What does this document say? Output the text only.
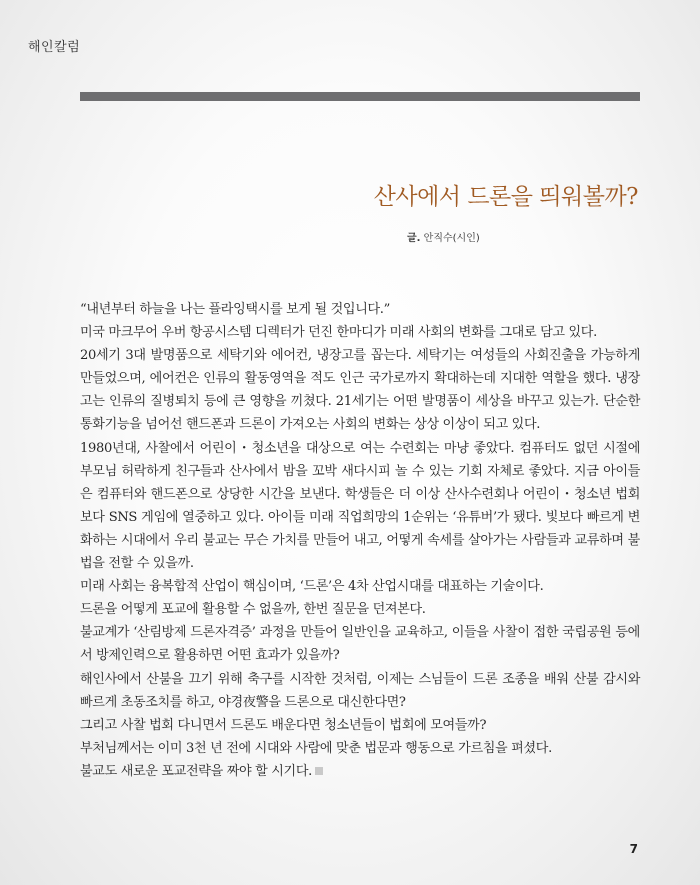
해인칼럼
산사에서 드론을 띄워볼까?
글. 안직수(시인)

“내년부터 하늘을 나는 플라잉택시를 보게 될 것입니다.”

미국 마크무어 우버 항공시스템 디렉터가 던진 한마디가 미래 사회의 변화를 그대로 담고 있다.

20세기 3대 발명품으로 세탁기와 에어컨, 냉장고를 꼽는다. 세탁기는 여성들의 사회진출을 가능하게 만들었으며, 에어컨은 인류의 활동영역을 적도 인근 국가로까지 확대하는데 지대한 역할을 했다. 냉장고는 인류의 질병퇴치 등에 큰 영향을 끼쳤다. 21세기는 어떤 발명품이 세상을 바꾸고 있는가. 단순한 통화기능을 넘어선 핸드폰과 드론이 가져오는 사회의 변화는 상상 이상이 되고 있다.

1980년대, 사찰에서 어린이・청소년을 대상으로 여는 수련회는 마냥 좋았다. 컴퓨터도 없던 시절에 부모님 허락하게 친구들과 산사에서 밤을 꼬박 새다시피 놀 수 있는 기회 자체로 좋았다. 지금 아이들은 컴퓨터와 핸드폰으로 상당한 시간을 보낸다. 학생들은 더 이상 산사수련회나 어린이・청소년 법회보다 SNS 게임에 열중하고 있다. 아이들 미래 직업희망의 1순위는 ‘유튜버’가 됐다. 빛보다 빠르게 변화하는 시대에서 우리 불교는 무슨 가치를 만들어 내고, 어떻게 속세를 살아가는 사람들과 교류하며 불법을 전할 수 있을까.

미래 사회는 융복합적 산업이 핵심이며, ‘드론’은 4차 산업시대를 대표하는 기술이다.

드론을 어떻게 포교에 활용할 수 없을까, 한번 질문을 던져본다.

불교계가 ‘산림방제 드론자격증’ 과정을 만들어 일반인을 교육하고, 이들을 사찰이 접한 국립공원 등에서 방제인력으로 활용하면 어떤 효과가 있을까?

해인사에서 산불을 끄기 위해 축구를 시작한 것처럼, 이제는 스님들이 드론 조종을 배워 산불 감시와 빠르게 초동조치를 하고, 야경夜警을 드론으로 대신한다면?

그리고 사찰 법회 다니면서 드론도 배운다면 청소년들이 법회에 모여들까?

부처님께서는 이미 3천 년 전에 시대와 사람에 맞춘 법문과 행동으로 가르침을 펴셨다.

불교도 새로운 포교전략을 짜야 할 시기다.

7
